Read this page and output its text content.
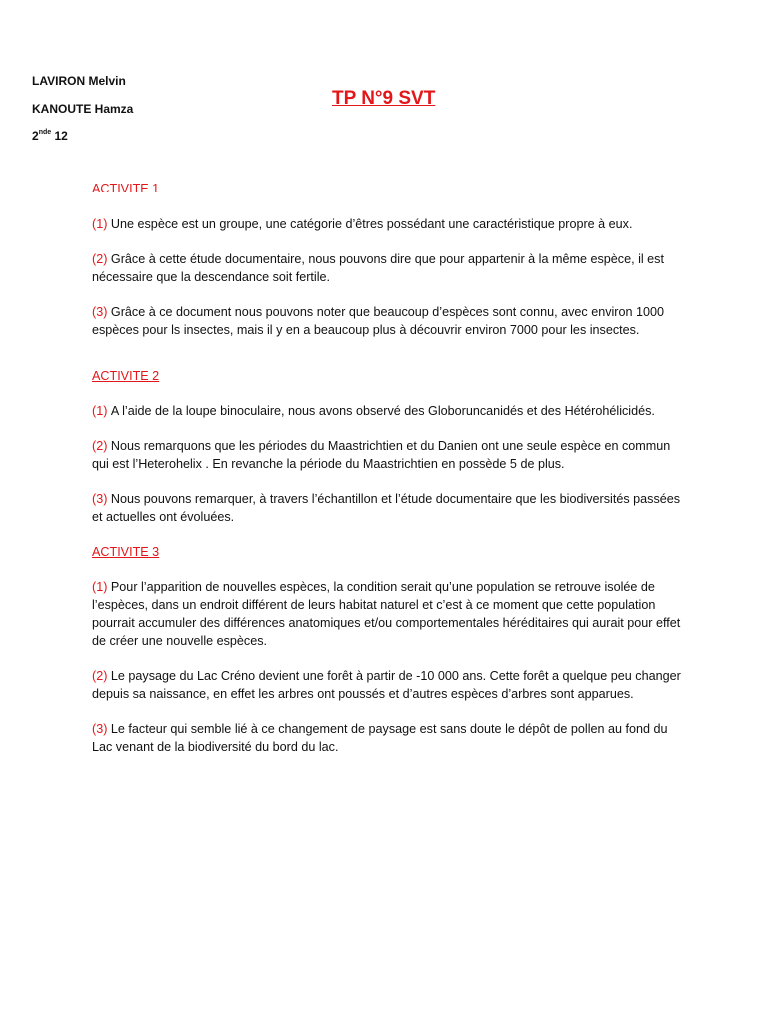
LAVIRON Melvin
KANOUTE Hamza
2nde 12
TP N°9 SVT

ACTIVITE 1

(1) Une espèce est un groupe, une catégorie d’êtres possédant une caractéristique propre à eux.

(2) Grâce à cette étude documentaire, nous pouvons dire que pour appartenir à la même espèce, il est nécessaire que la descendance soit fertile.

(3) Grâce à ce document nous pouvons noter que beaucoup d’espèces sont connu, avec environ 1000 espèces pour ls insectes, mais il y en a beaucoup plus à découvrir environ 7000 pour les insectes.

ACTIVITE 2

(1) A l’aide de la loupe binoculaire, nous avons observé des Globoruncanidés et des Hétérohélicidés.

(2) Nous remarquons que les périodes du Maastrichtien et du Danien ont une seule espèce en commun qui est l’Heterohelix . En revanche la période du Maastrichtien en possède 5 de plus.

(3) Nous pouvons remarquer, à travers l’échantillon et l’étude documentaire que les biodiversités passées et actuelles ont évoluées.

ACTIVITE 3

(1) Pour l’apparition de nouvelles espèces, la condition serait qu’une population se retrouve isolée de l’espèces, dans un endroit différent de leurs habitat naturel et c’est à ce moment que cette population pourrait accumuler des différences anatomiques et/ou comportementales héréditaires qui aurait pour effet de créer une nouvelle espèces.

(2) Le paysage du Lac Créno devient une forêt à partir de -10 000 ans. Cette forêt a quelque peu changer depuis sa naissance, en effet les arbres ont poussés et d’autres espèces d’arbres sont apparues.

(3) Le facteur qui semble lié à ce changement de paysage est sans doute le dépôt de pollen au fond du Lac venant de la biodiversité du bord du lac.
